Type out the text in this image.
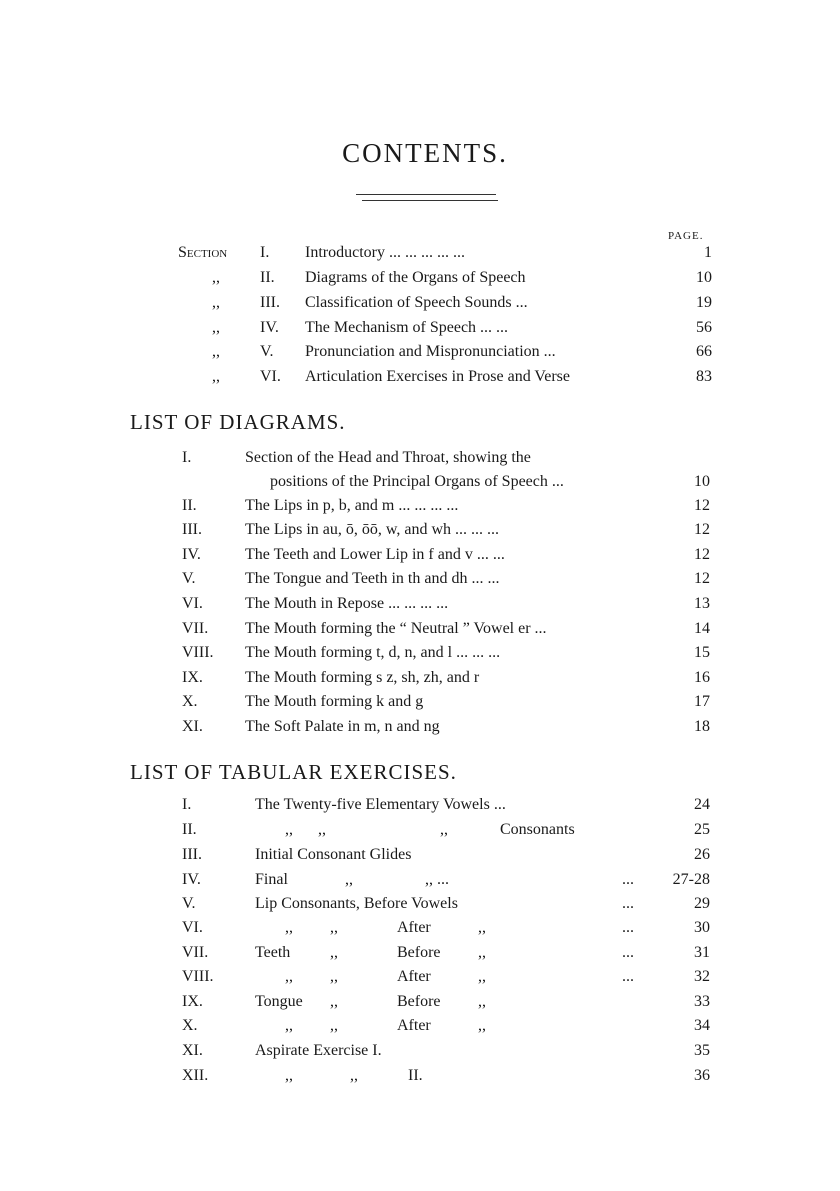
CONTENTS.
PAGE.
Section I. Introductory ... ... ... ... ...	1
,,	II. Diagrams of the Organs of Speech	10
,,	III. Classification of Speech Sounds ...	19
,,	IV. The Mechanism of Speech ... ...	56
,,	V. Pronunciation and Mispronunciation ...	66
,,	VI. Articulation Exercises in Prose and Verse	83
LIST OF DIAGRAMS.
I.	Section of the Head and Throat, showing the
positions of the Principal Organs of Speech ...	10
II.	The Lips in p, b, and m ... ... ... ...	12
III.	The Lips in au, ō, ōō, w, and wh ... ... ...	12
IV.	The Teeth and Lower Lip in f and v ... ...	12
V.	The Tongue and Teeth in th and dh ... ...	12
VI.	The Mouth in Repose ... ... ... ...	13
VII. The Mouth forming the “ Neutral ” Vowel er ...	14
VIII. The Mouth forming t, d, n, and l ... ... ...	15
IX.	The Mouth forming s z, sh, zh, and r	16
X.	The Mouth forming k and g	17
XI.	The Soft Palate in m, n and ng	18
LIST OF TABULAR EXERCISES.
I.	The Twenty-five Elementary Vowels ...	24
II.	,, ,,	,,	Consonants	25
III.	Initial Consonant Glides	26
IV.	Final	,,	,, ...	... 27-28
V.	Lip Consonants, Before Vowels	...	29
VI.	,, ,,	After	,,	...	30
VII.	Teeth ,,	Before ,,	...	31
VIII.	,, ,,	After	,,	...	32
IX.	Tongue ,,	Before ,,	33
X.	,, ,,	After	,,	34
XI.	Aspirate Exercise I.	35
XII.	,,	,,	II.	36
